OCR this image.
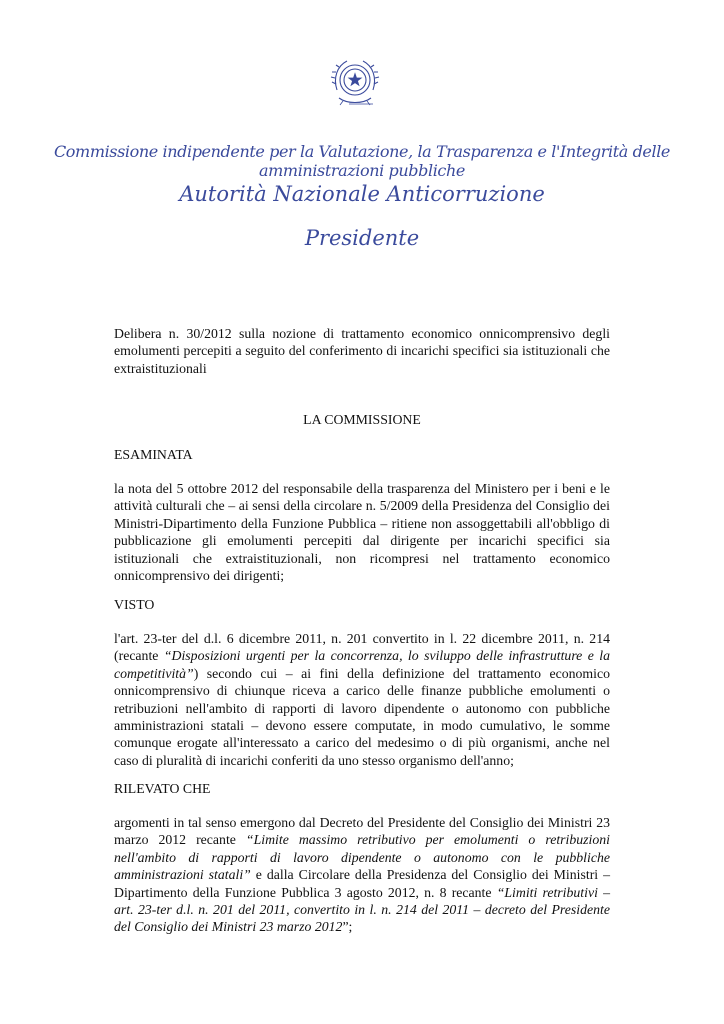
Commissione indipendente per la Valutazione, la Trasparenza e l'Integrità delle amministrazioni pubbliche
Autorità Nazionale Anticorruzione
Presidente
Delibera n. 30/2012 sulla nozione di trattamento economico onnicomprensivo degli emolumenti percepiti a seguito del conferimento di incarichi specifici sia istituzionali che extraistituzionali
LA COMMISSIONE
ESAMINATA
la nota del 5 ottobre 2012 del responsabile della trasparenza del Ministero per i beni e le attività culturali che – ai sensi della circolare n. 5/2009 della Presidenza del Consiglio dei Ministri-Dipartimento della Funzione Pubblica – ritiene non assoggettabili all'obbligo di pubblicazione gli emolumenti percepiti dal dirigente per incarichi specifici sia istituzionali che extraistituzionali, non ricompresi nel trattamento economico onnicomprensivo dei dirigenti;
VISTO
l'art. 23-ter del d.l. 6 dicembre 2011, n. 201 convertito in l. 22 dicembre 2011, n. 214 (recante “Disposizioni urgenti per la concorrenza, lo sviluppo delle infrastrutture e la competitività”) secondo cui – ai fini della definizione del trattamento economico onnicomprensivo di chiunque riceva a carico delle finanze pubbliche emolumenti o retribuzioni nell'ambito di rapporti di lavoro dipendente o autonomo con pubbliche amministrazioni statali – devono essere computate, in modo cumulativo, le somme comunque erogate all'interessato a carico del medesimo o di più organismi, anche nel caso di pluralità di incarichi conferiti da uno stesso organismo dell'anno;
RILEVATO CHE
argomenti in tal senso emergono dal Decreto del Presidente del Consiglio dei Ministri 23 marzo 2012 recante “Limite massimo retributivo per emolumenti o retribuzioni nell'ambito di rapporti di lavoro dipendente o autonomo con le pubbliche amministrazioni statali” e dalla Circolare della Presidenza del Consiglio dei Ministri – Dipartimento della Funzione Pubblica 3 agosto 2012, n. 8 recante “Limiti retributivi – art. 23-ter d.l. n. 201 del 2011, convertito in l. n. 214 del 2011 – decreto del Presidente del Consiglio dei Ministri 23 marzo 2012”;
